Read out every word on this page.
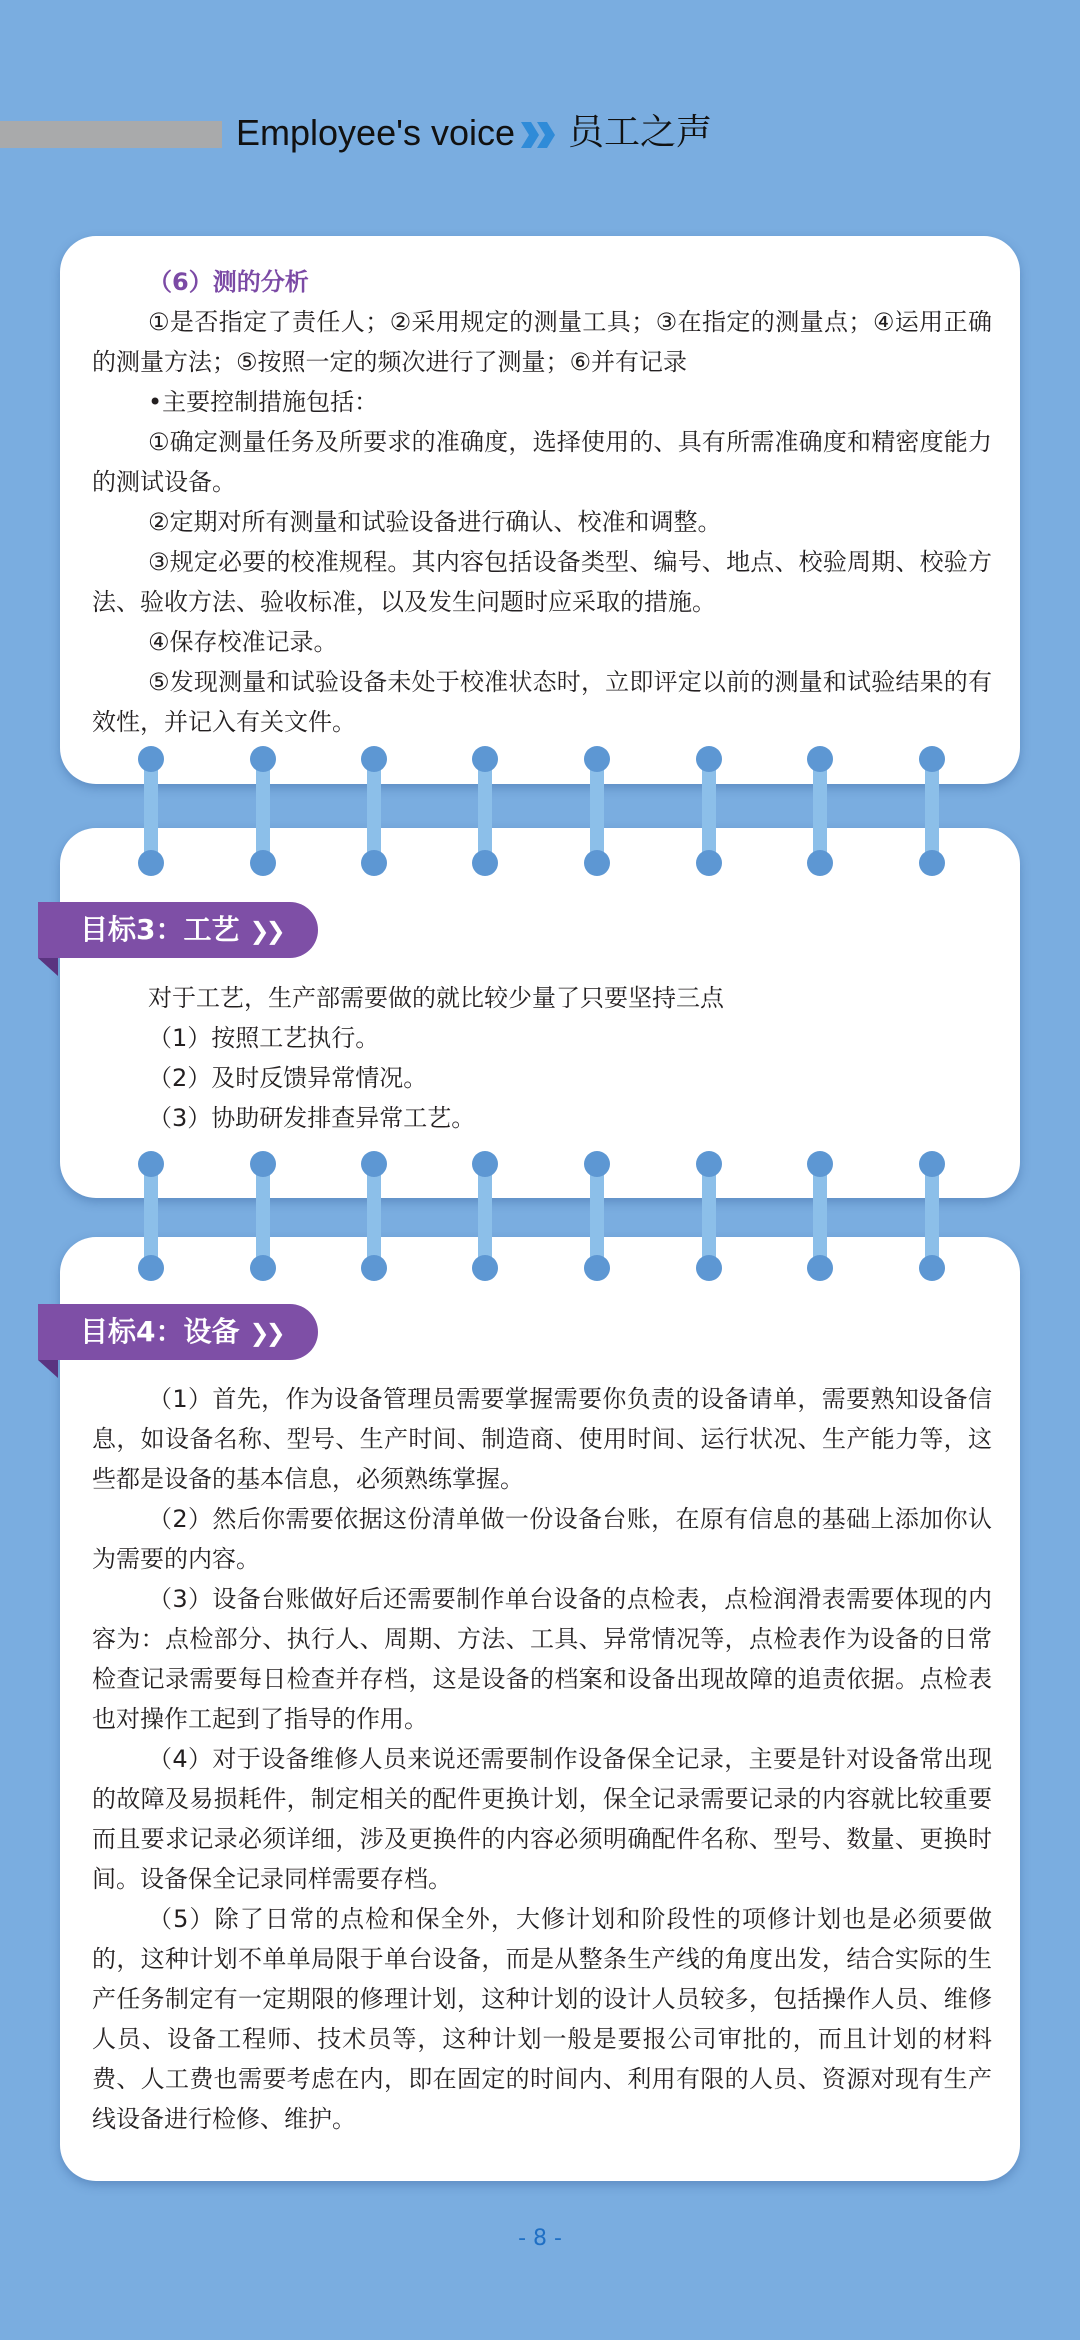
Employee's voice 员工之声

（6）测的分析

①是否指定了责任人；②采用规定的测量工具；③在指定的测量点；④运用正确的测量方法；⑤按照一定的频次进行了测量；⑥并有记录

•主要控制措施包括：

①确定测量任务及所要求的准确度，选择使用的、具有所需准确度和精密度能力的测试设备。

②定期对所有测量和试验设备进行确认、校准和调整。

③规定必要的校准规程。其内容包括设备类型、编号、地点、校验周期、校验方法、验收方法、验收标准，以及发生问题时应采取的措施。

④保存校准记录。

⑤发现测量和试验设备未处于校准状态时，立即评定以前的测量和试验结果的有效性，并记入有关文件。

对于工艺，生产部需要做的就比较少量了只要坚持三点

（1）按照工艺执行。

（2）及时反馈异常情况。

（3）协助研发排查异常工艺。

（1）首先，作为设备管理员需要掌握需要你负责的设备请单，需要熟知设备信息，如设备名称、型号、生产时间、制造商、使用时间、运行状况、生产能力等，这些都是设备的基本信息，必须熟练掌握。

（2）然后你需要依据这份清单做一份设备台账，在原有信息的基础上添加你认为需要的内容。

（3）设备台账做好后还需要制作单台设备的点检表，点检润滑表需要体现的内容为：点检部分、执行人、周期、方法、工具、异常情况等，点检表作为设备的日常检查记录需要每日检查并存档，这是设备的档案和设备出现故障的追责依据。点检表也对操作工起到了指导的作用。

（4）对于设备维修人员来说还需要制作设备保全记录，主要是针对设备常出现的故障及易损耗件，制定相关的配件更换计划，保全记录需要记录的内容就比较重要而且要求记录必须详细，涉及更换件的内容必须明确配件名称、型号、数量、更换时间。设备保全记录同样需要存档。

（5）除了日常的点检和保全外，大修计划和阶段性的项修计划也是必须要做的，这种计划不单单局限于单台设备，而是从整条生产线的角度出发，结合实际的生产任务制定有一定期限的修理计划，这种计划的设计人员较多，包括操作人员、维修人员、设备工程师、技术员等，这种计划一般是要报公司审批的，而且计划的材料费、人工费也需要考虑在内，即在固定的时间内、利用有限的人员、资源对现有生产线设备进行检修、维护。

目标3：工艺 ❯❯
目标4：设备 ❯❯
- 8 -
